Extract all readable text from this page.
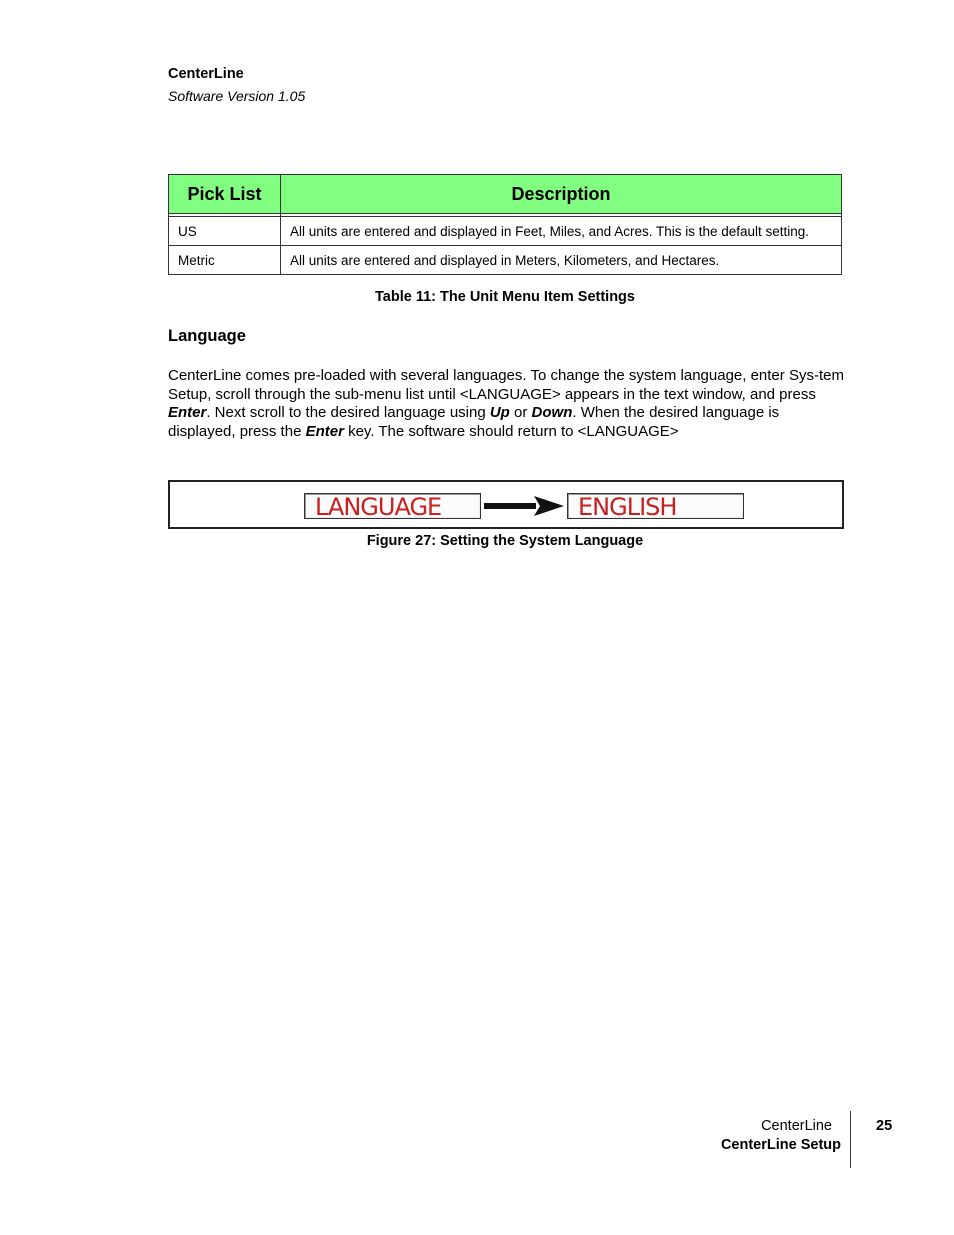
CenterLine
Software Version 1.05
Pick List	Description

US	All units are entered and displayed in Feet, Miles, and Acres. This is the default setting.
Metric	All units are entered and displayed in Meters, Kilometers, and Hectares.
Table 11: The Unit Menu Item Settings
Language
CenterLine comes pre-loaded with several languages. To change the system language, enter Sys-tem Setup, scroll through the sub-menu list until <LANGUAGE> appears in the text window, and press Enter. Next scroll to the desired language using Up or Down. When the desired language is displayed, press the Enter key. The software should return to <LANGUAGE>
LANGUAGE	ENGLISH
Figure 27: Setting the System Language
CenterLine
CenterLine Setup
25
